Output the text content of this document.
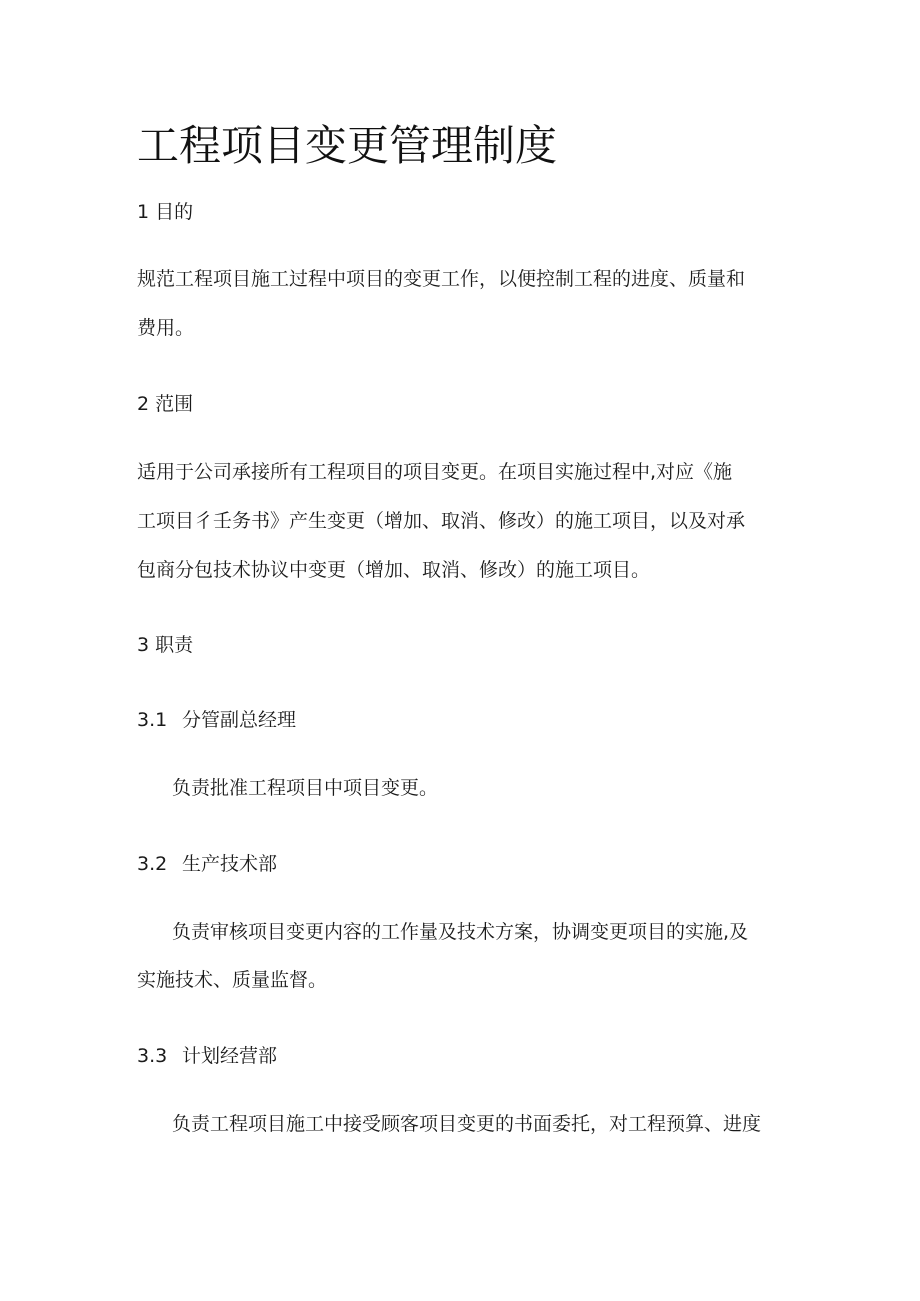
工程项目变更管理制度
1 目的
规范工程项目施工过程中项目的变更工作，以便控制工程的进度、质量和
费用。
2 范围
适用于公司承接所有工程项目的项目变更。在项目实施过程中,对应《施
工项目彳壬务书》产生变更（增加、取消、修改）的施工项目，以及对承
包商分包技术协议中变更（增加、取消、修改）的施工项目。
3 职责
3.1 分管副总经理
负责批准工程项目中项目变更。
3.2 生产技术部
负责审核项目变更内容的工作量及技术方案，协调变更项目的实施,及
实施技术、质量监督。
3.3 计划经营部
负责工程项目施工中接受顾客项目变更的书面委托，对工程预算、进度
